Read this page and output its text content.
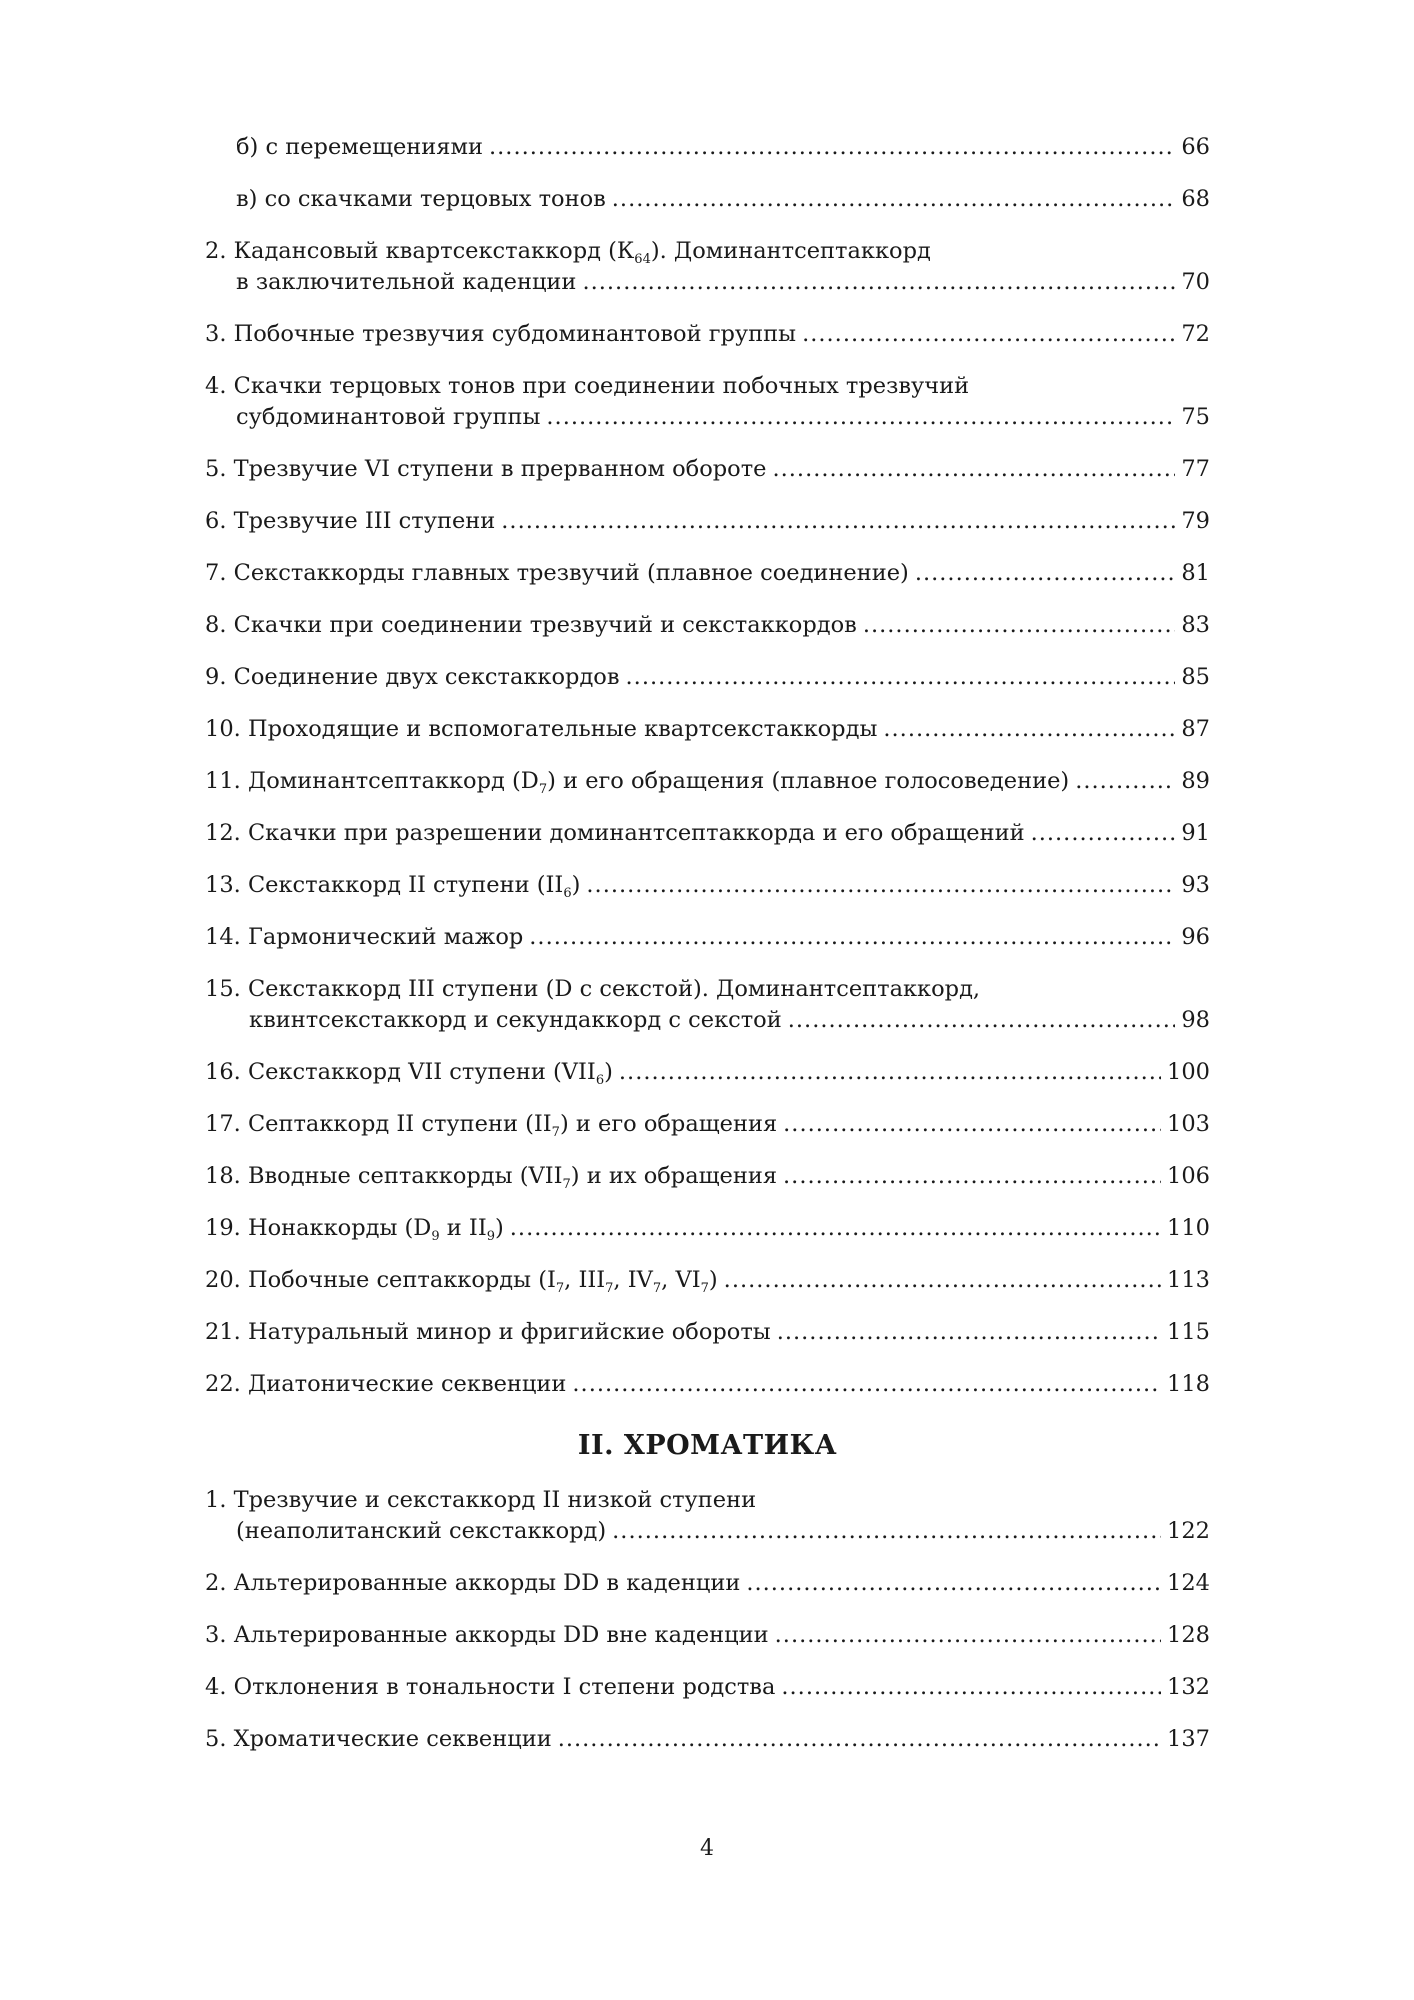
б) с перемещениями .....	66
в) со скачками терцовых тонов .....	68
2.
Кадансовый квартсекстаккорд $(К_{64})$. Доминантсептаккорд
в заключительной каденции .....	70
3.
Побочные трезвучия субдоминантовой группы .....	72
4.
Скачки терцовых тонов при соединении побочных трезвучий
субдоминантовой группы .....	75
5.
Трезвучие VI ступени в прерванном обороте .....	77
6.
Трезвучие III ступени .....	79
7.
Секстаккорды главных трезвучий (плавное соединение) .....	81
8.
Скачки при соединении трезвучий и секстаккордов .....	83
9.
Соединение двух секстаккордов .....	85
10.
Проходящие и вспомогательные квартсекстаккорды .....	87
11.
Доминантсептаккорд $(D_7)$ и его обращения (плавное голосоведение) .....	89
12.
Скачки при разрешении доминантсептаккорда и его обращений .....	91
13.
Секстаккорд II ступени $(II_6)$ .....	93
14.
Гармонический мажор .....	96
15.
Секстаккорд III ступени (D с секстой). Доминантсептаккорд,
квинтсекстаккорд и секундаккорд с секстой .....	98
16.
Секстаккорд VII ступени $(VII_6)$ .....	100
17.
Септаккорд II ступени $(II_7)$ и его обращения .....	103
18.
Вводные септаккорды $(VII_7)$ и их обращения .....	106
19.
Нонаккорды ($D_9$ и $II_9$) .....	110
20.
Побочные септаккорды ($I_7$, $III_7$, $IV_7$, $VI_7$) .....	113
21.
Натуральный минор и фригийские обороты .....	115
22.
Диатонические секвенции .....	118
II. ХРОМАТИКА
1.
Трезвучие и секстаккорд II низкой ступени
(неаполитанский секстаккорд) .....	122
2.
Альтерированные аккорды DD в каденции .....	124
3.
Альтерированные аккорды DD вне каденции .....	128
4.
Отклонения в тональности I степени родства .....	132
5.
Хроматические секвенции .....	137
4
